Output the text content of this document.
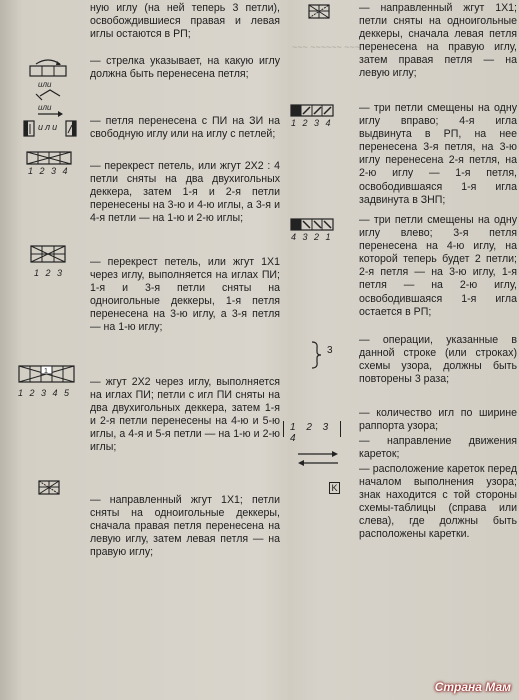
ную иглу (на ней теперь 3 петли), освобождившиеся правая и левая иглы остаются в РП;

— стрелка указывает, на какую иглу должна быть перенесена петля;

— петля перенесена с ПИ на ЗИ на свободную иглу или на иглу с петлей;

— перекрест петель, или жгут 2X2 : 4 петли сняты на два двухигольных деккера, затем 1-я и 2-я петли перенесены на 3-ю и 4-ю иглы, а 3-я и 4-я петли — на 1-ю и 2-ю иглы;

— перекрест петель, или жгут 1X1 через иглу, выполняется на иглах ПИ; 1-я и 3-я петли сняты на одноигольные деккеры, 1-я петля перенесена на 3-ю иглу, а 3-я петля — на 1-ю иглу;

— жгут 2X2 через иглу, выполняется на иглах ПИ; петли с игл ПИ сняты на два двухигольных деккера, затем 1-я и 2-я петли перенесены на 4-ю и 5-ю иглы, а 4-я и 5-я петли — на 1-ю и 2-ю иглы;

— направленный жгут 1X1; петли сняты на одноигольные деккеры, сначала правая петля перенесена на левую иглу, затем левая петля — на правую иглу;

или
или
или
1 2 3 4
1 2 3
1
1 2 3 4 5
~~~ ~~~~~~ ~~~

— направленный жгут 1X1; петли сняты на одноигольные деккеры, сначала левая петля перенесена на правую иглу, затем правая петля — на левую иглу;

— три петли смещены на одну иглу вправо; 4-я игла выдвинута в РП, на нее перенесена 3-я петля, на 3-ю иглу перенесена 2-я петля, на 2-ю иглу — 1-я петля, освободившаяся 1-я игла задвинута в ЗНП;

— три петли смещены на одну иглу влево; 3-я петля перенесена на 4-ю иглу, на которой теперь будет 2 петли; 2-я петля — на 3-ю иглу, 1-я петля — на 2-ю иглу, освободившаяся 1-я игла остается в РП;

— операции, указанные в данной строке (или строках) схемы узора, должны быть повторены 3 раза;

— количество игл по ширине раппорта узора;

— направление движения кареток;

— расположение кареток перед началом выполнения узора; знак находится с той стороны схемы-таблицы (справа или слева), где должны быть расположены каретки.

1 2 3 4
4 3 2 1
3
1 2 3 4
K
Страна Мам
